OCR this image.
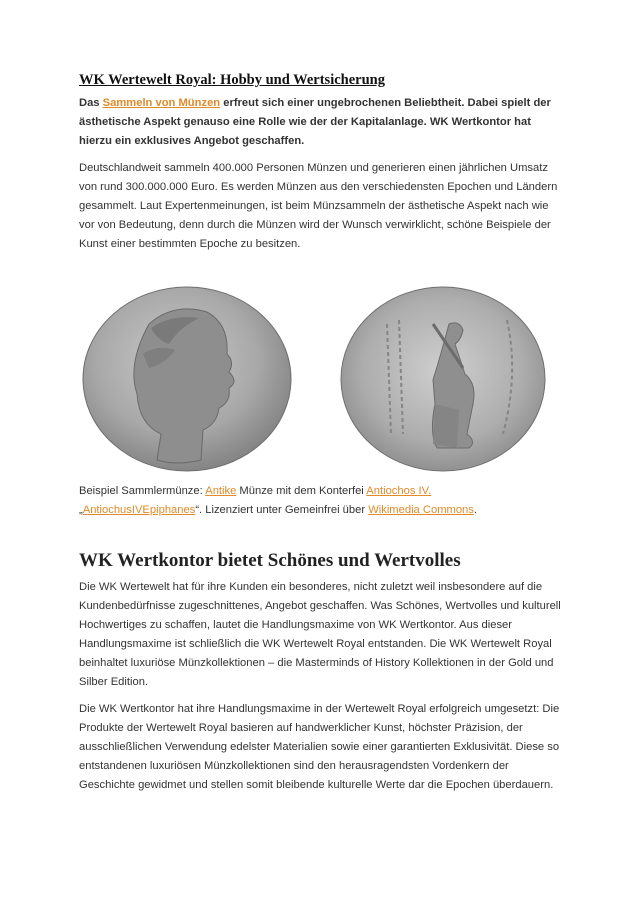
WK Wertewelt Royal: Hobby und Wertsicherung

Das Sammeln von Münzen erfreut sich einer ungebrochenen Beliebtheit. Dabei spielt der ästhetische Aspekt genauso eine Rolle wie der der Kapitalanlage. WK Wertkontor hat hierzu ein exklusives Angebot geschaffen.

Deutschlandweit sammeln 400.000 Personen Münzen und generieren einen jährlichen Umsatz von rund 300.000.000 Euro. Es werden Münzen aus den verschiedensten Epochen und Ländern gesammelt. Laut Expertenmeinungen, ist beim Münzsammeln der ästhetische Aspekt nach wie vor von Bedeutung, denn durch die Münzen wird der Wunsch verwirklicht, schöne Beispiele der Kunst einer bestimmten Epoche zu besitzen.

Beispiel Sammlermünze: Antike Münze mit dem Konterfei Antiochos IV.
„AntiochusIVEpiphanes“. Lizenziert unter Gemeinfrei über Wikimedia Commons.

WK Wertkontor bietet Schönes und Wertvolles

Die WK Wertewelt hat für ihre Kunden ein besonderes, nicht zuletzt weil insbesondere auf die Kundenbedürfnisse zugeschnittenes, Angebot geschaffen. Was Schönes, Wertvolles und kulturell Hochwertiges zu schaffen, lautet die Handlungsmaxime von WK Wertkontor. Aus dieser Handlungsmaxime ist schließlich die WK Wertewelt Royal entstanden. Die WK Wertewelt Royal beinhaltet luxuriöse Münzkollektionen – die Masterminds of History Kollektionen in der Gold und Silber Edition.

Die WK Wertkontor hat ihre Handlungsmaxime in der Wertewelt Royal erfolgreich umgesetzt: Die Produkte der Wertewelt Royal basieren auf handwerklicher Kunst, höchster Präzision, der ausschließlichen Verwendung edelster Materialien sowie einer garantierten Exklusivität. Diese so entstandenen luxuriösen Münzkollektionen sind den herausragendsten Vordenkern der Geschichte gewidmet und stellen somit bleibende kulturelle Werte dar die Epochen überdauern.
